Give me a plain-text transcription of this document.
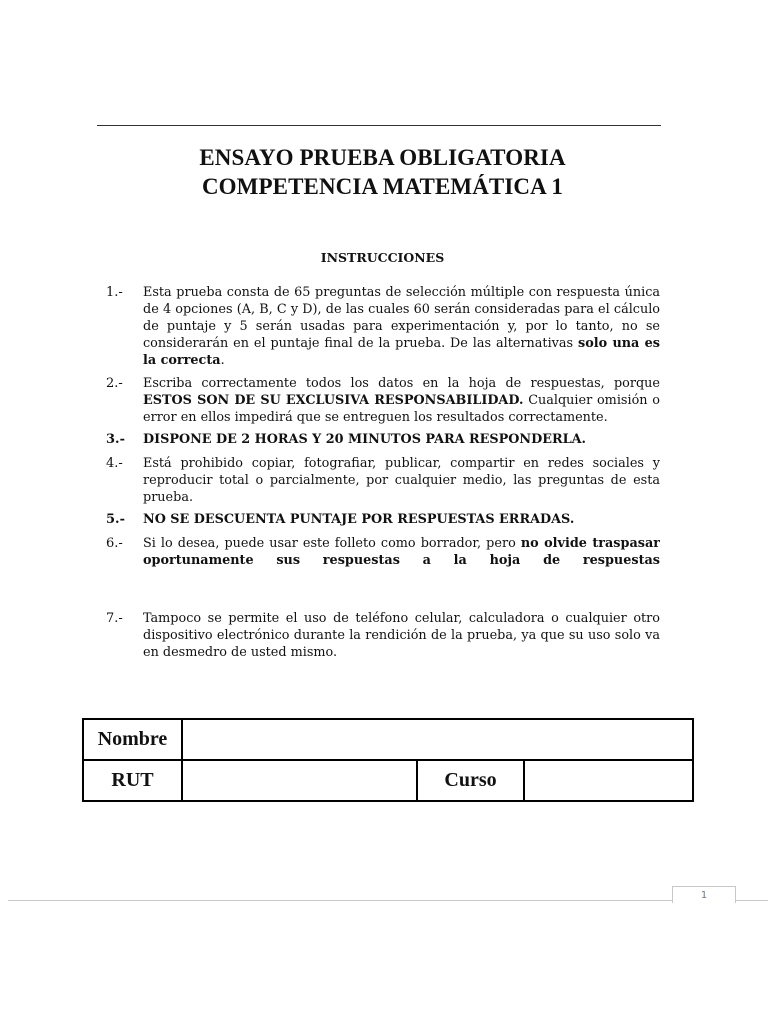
ENSAYO PRUEBA OBLIGATORIA
COMPETENCIA MATEMÁTICA 1
INSTRUCCIONES
1.- Esta prueba consta de 65 preguntas de selección múltiple con respuesta única de 4 opciones (A, B, C y D), de las cuales 60 serán consideradas para el cálculo de puntaje y 5 serán usadas para experimentación y, por lo tanto, no se considerarán en el puntaje final de la prueba. De las alternativas solo una es la correcta.
2.- Escriba correctamente todos los datos en la hoja de respuestas, porque ESTOS SON DE SU EXCLUSIVA RESPONSABILIDAD. Cualquier omisión o error en ellos impedirá que se entreguen los resultados correctamente.
3.- DISPONE DE 2 HORAS Y 20 MINUTOS PARA RESPONDERLA.
4.- Está prohibido copiar, fotografiar, publicar, compartir en redes sociales y reproducir total o parcialmente, por cualquier medio, las preguntas de esta prueba.
5.- NO SE DESCUENTA PUNTAJE POR RESPUESTAS ERRADAS.
6.- Si lo desea, puede usar este folleto como borrador, pero no olvide traspasar oportunamente sus respuestas a la hoja de respuestas
7.- Tampoco se permite el uso de teléfono celular, calculadora o cualquier otro dispositivo electrónico durante la rendición de la prueba, ya que su uso solo va en desmedro de usted mismo.
Nombre
RUT	Curso
1
